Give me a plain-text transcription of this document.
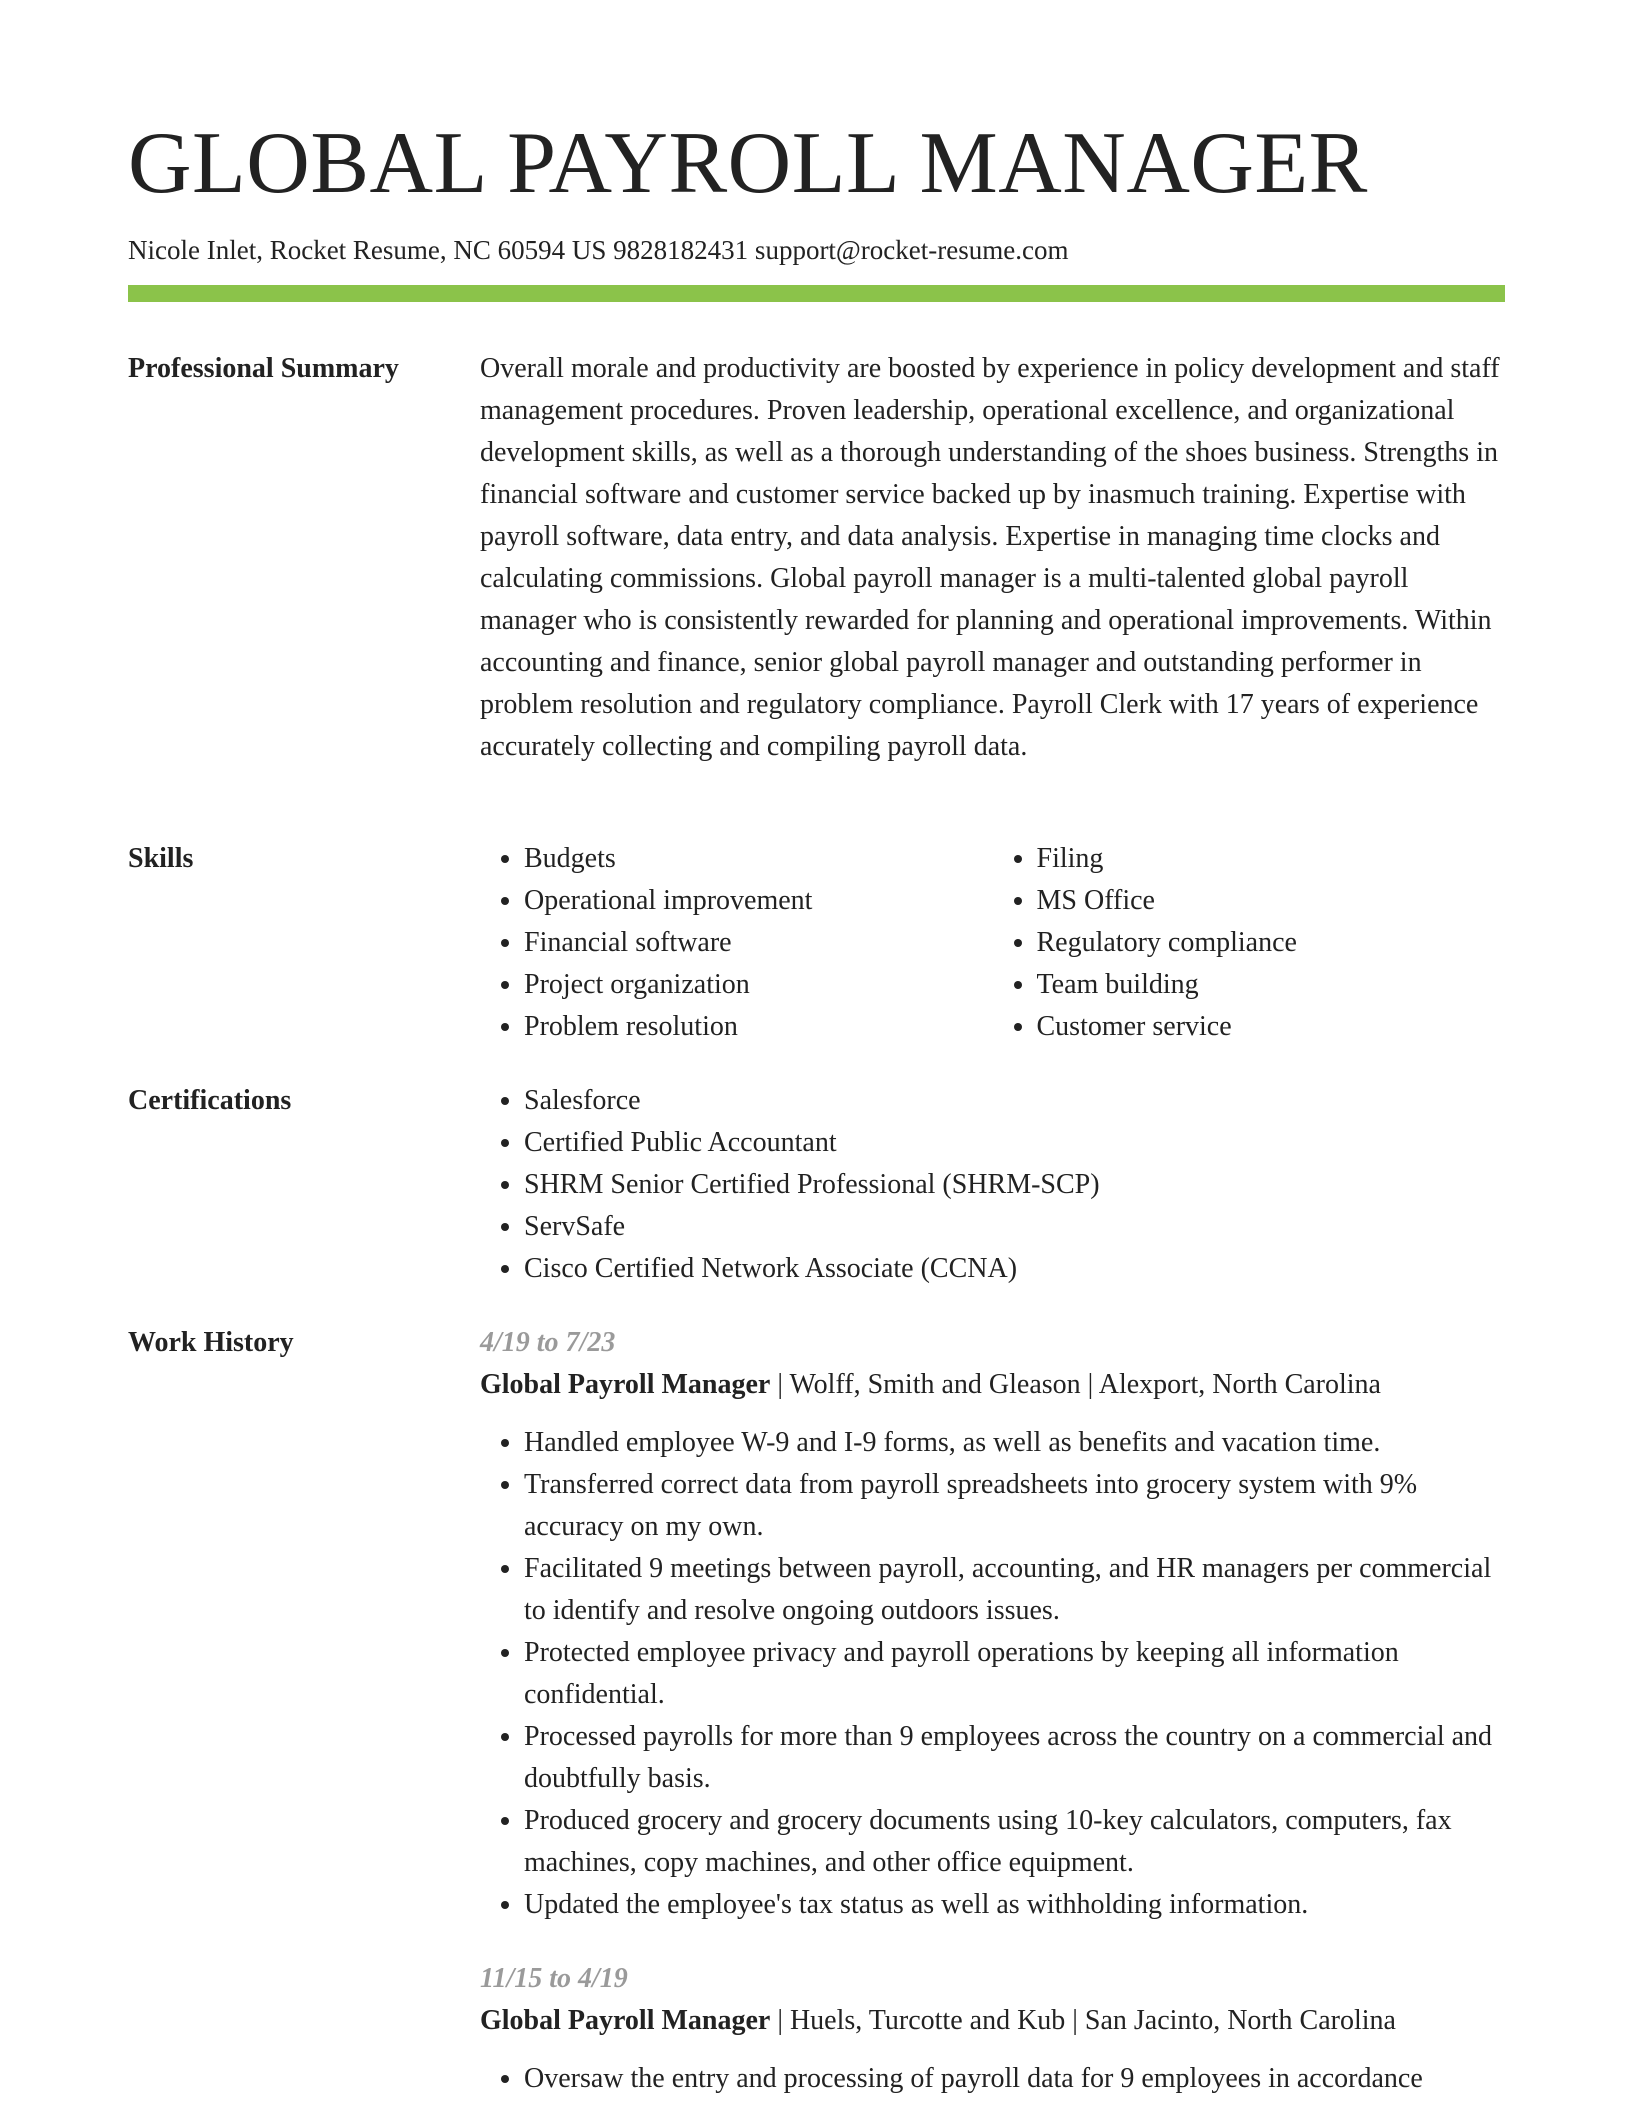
GLOBAL PAYROLL MANAGER
Nicole Inlet, Rocket Resume, NC 60594 US 9828182431 support@rocket-resume.com
Professional Summary	Overall morale and productivity are boosted by experience in policy development and staff management procedures. Proven leadership, operational excellence, and organizational development skills, as well as a thorough understanding of the shoes business. Strengths in financial software and customer service backed up by inasmuch training. Expertise with payroll software, data entry, and data analysis. Expertise in managing time clocks and calculating commissions. Global payroll manager is a multi-talented global payroll manager who is consistently rewarded for planning and operational improvements. Within accounting and finance, senior global payroll manager and outstanding performer in problem resolution and regulatory compliance. Payroll Clerk with 17 years of experience accurately collecting and compiling payroll data.

Skills	• Budgets
• Operational improvement
• Financial software
• Project organization
• Problem resolution
• Filing
• MS Office
• Regulatory compliance
• Team building
• Customer service
Certifications	• Salesforce
• Certified Public Accountant
• SHRM Senior Certified Professional (SHRM-SCP)
• ServSafe
• Cisco Certified Network Associate (CCNA)
Work History	4/19 to 7/23
Global Payroll Manager | Wolff, Smith and Gleason | Alexport, North Carolina
• Handled employee W-9 and I-9 forms, as well as benefits and vacation time.
• Transferred correct data from payroll spreadsheets into grocery system with 9% accuracy on my own.
• Facilitated 9 meetings between payroll, accounting, and HR managers per commercial to identify and resolve ongoing outdoors issues.
• Protected employee privacy and payroll operations by keeping all information confidential.
• Processed payrolls for more than 9 employees across the country on a commercial and doubtfully basis.
• Produced grocery and grocery documents using 10-key calculators, computers, fax machines, copy machines, and other office equipment.
• Updated the employee's tax status as well as withholding information.
11/15 to 4/19
Global Payroll Manager | Huels, Turcotte and Kub | San Jacinto, North Carolina
• Oversaw the entry and processing of payroll data for 9 employees in accordance
